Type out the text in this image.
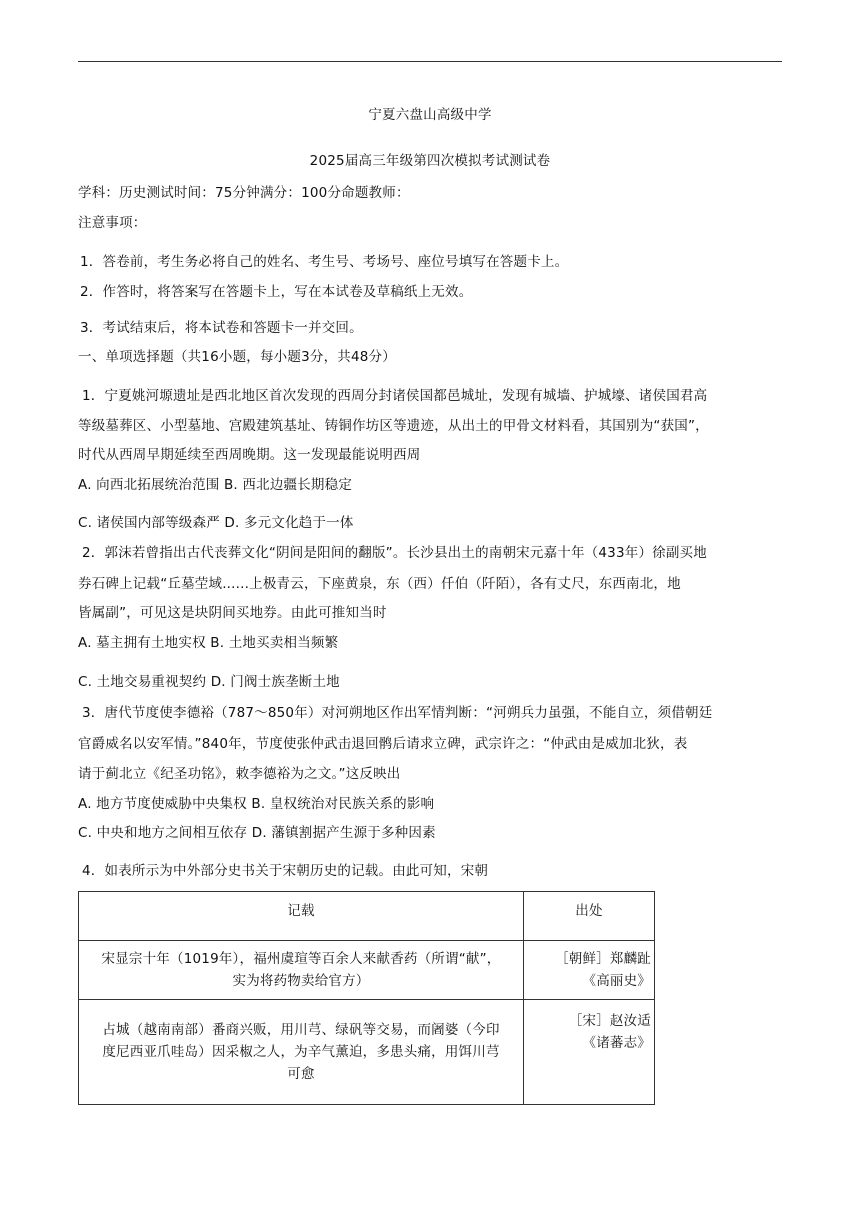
宁夏六盘山高级中学
2025届高三年级第四次模拟考试测试卷
学科：历史测试时间：75分钟满分：100分命题教师：
注意事项：
1．答卷前，考生务必将自己的姓名、考生号、考场号、座位号填写在答题卡上。
2．作答时，将答案写在答题卡上，写在本试卷及草稿纸上无效。
3．考试结束后，将本试卷和答题卡一并交回。
一、单项选择题（共16小题，每小题3分，共48分）
1．宁夏姚河塬遗址是西北地区首次发现的西周分封诸侯国都邑城址，发现有城墙、护城壕、诸侯国君高
等级墓葬区、小型墓地、宫殿建筑基址、铸铜作坊区等遗迹，从出土的甲骨文材料看，其国别为“获国”，
时代从西周早期延续至西周晚期。这一发现最能说明西周
A. 向西北拓展统治范围 B. 西北边疆长期稳定
C. 诸侯国内部等级森严 D. 多元文化趋于一体
2．郭沫若曾指出古代丧葬文化“阴间是阳间的翻版”。长沙县出土的南朝宋元嘉十年（433年）徐副买地
券石碑上记载“丘墓茔域......上极青云，下座黄泉，东（西）仟伯（阡陌），各有丈尺，东西南北，地
皆属副”，可见这是块阴间买地券。由此可推知当时
A. 墓主拥有土地实权 B. 土地买卖相当频繁
C. 土地交易重视契约 D. 门阀士族垄断土地
3．唐代节度使李德裕（787～850年）对河朔地区作出军情判断：“河朔兵力虽强，不能自立，须借朝廷
官爵威名以安军情。”840年，节度使张仲武击退回鹘后请求立碑，武宗许之：“仲武由是威加北狄，表
请于蓟北立《纪圣功铭》，敕李德裕为之文。”这反映出
A. 地方节度使威胁中央集权 B. 皇权统治对民族关系的影响
C. 中央和地方之间相互依存 D. 藩镇割据产生源于多种因素
4．如表所示为中外部分史书关于宋朝历史的记载。由此可知，宋朝
记载	出处

宋显宗十年（1019年），福州虞瑄等百余人来献香药（所谓“献”，
实为将药物卖给官方）	［朝鲜］郑麟趾
《高丽史》

占城（越南南部）番商兴贩，用川芎、绿矾等交易，而阇婆（今印
度尼西亚爪哇岛）因采椒之人，为辛气薰迫，多患头痛，用饵川芎
可愈	［宋］赵汝适
《诸蕃志》
